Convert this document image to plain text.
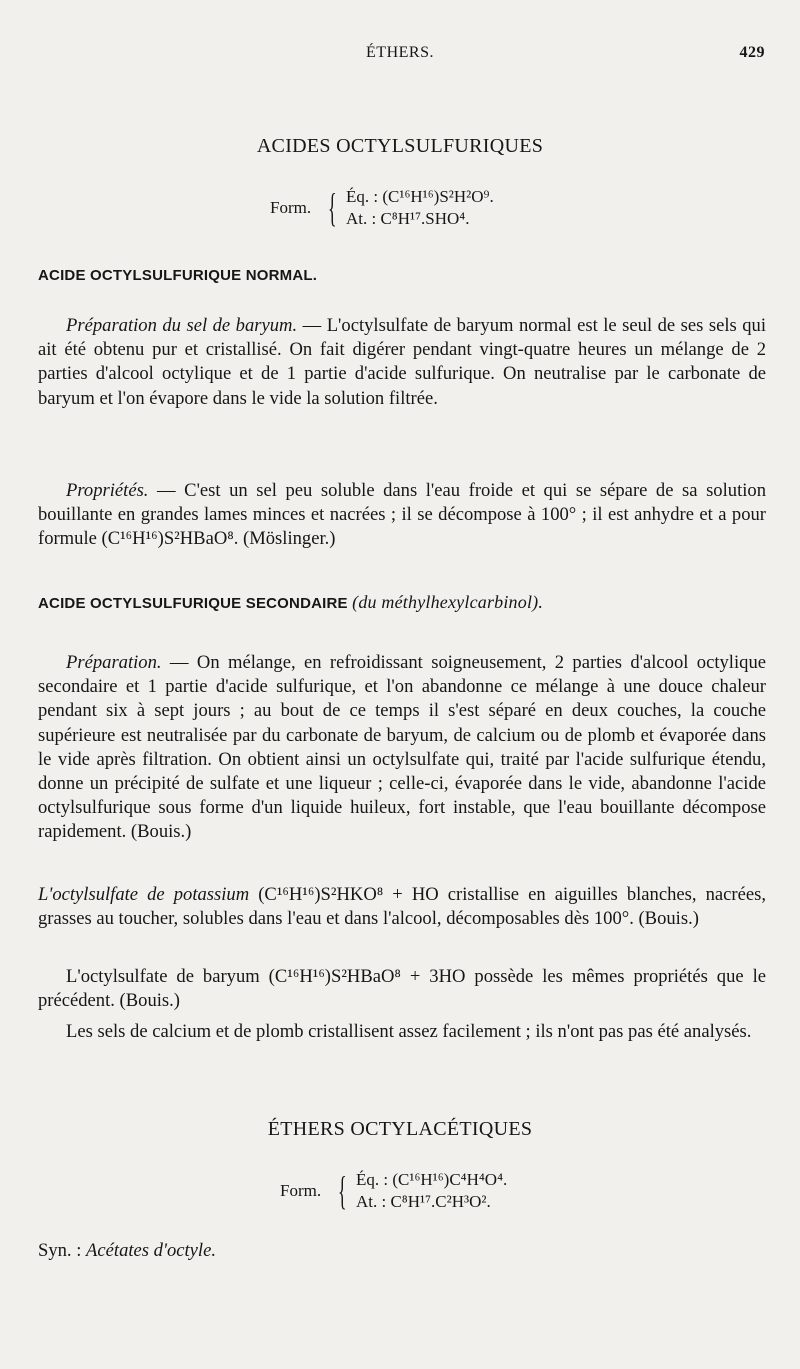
ÉTHERS.	429
ACIDES OCTYLSULFURIQUES
Form. { Éq. : (C¹⁶H¹⁶)S²H²O⁹.
At. : C⁸H¹⁷.SHO⁴.
ACIDE OCTYLSULFURIQUE NORMAL.
Préparation du sel de baryum. — L'octylsulfate de baryum normal est le seul de ses sels qui ait été obtenu pur et cristallisé. On fait digérer pendant vingt-quatre heures un mélange de 2 parties d'alcool octylique et de 1 partie d'acide sulfurique. On neutralise par le carbonate de baryum et l'on évapore dans le vide la solution filtrée.
Propriétés. — C'est un sel peu soluble dans l'eau froide et qui se sépare de sa solution bouillante en grandes lames minces et nacrées ; il se décompose à 100° ; il est anhydre et a pour formule (C¹⁶H¹⁶)S²HBaO⁸. (Möslinger.)
ACIDE OCTYLSULFURIQUE SECONDAIRE (du méthylhexylcarbinol).
Préparation. — On mélange, en refroidissant soigneusement, 2 parties d'alcool octylique secondaire et 1 partie d'acide sulfurique, et l'on abandonne ce mélange à une douce chaleur pendant six à sept jours ; au bout de ce temps il s'est séparé en deux couches, la couche supérieure est neutralisée par du carbonate de baryum, de calcium ou de plomb et évaporée dans le vide après filtration. On obtient ainsi un octylsulfate qui, traité par l'acide sulfurique étendu, donne un précipité de sulfate et une liqueur ; celle-ci, évaporée dans le vide, abandonne l'acide octylsulfurique sous forme d'un liquide huileux, fort instable, que l'eau bouillante décompose rapidement. (Bouis.)
L'octylsulfate de potassium (C¹⁶H¹⁶)S²HKO⁸ + HO cristallise en aiguilles blanches, nacrées, grasses au toucher, solubles dans l'eau et dans l'alcool, décomposables dès 100°. (Bouis.)
L'octylsulfate de baryum (C¹⁶H¹⁶)S²HBaO⁸ + 3HO possède les mêmes propriétés que le précédent. (Bouis.)
Les sels de calcium et de plomb cristallisent assez facilement ; ils n'ont pas pas été analysés.
ÉTHERS OCTYLACÉTIQUES
Form. { Éq. : (C¹⁶H¹⁶)C⁴H⁴O⁴.
At. : C⁸H¹⁷.C²H³O².
Syn. : Acétates d'octyle.
